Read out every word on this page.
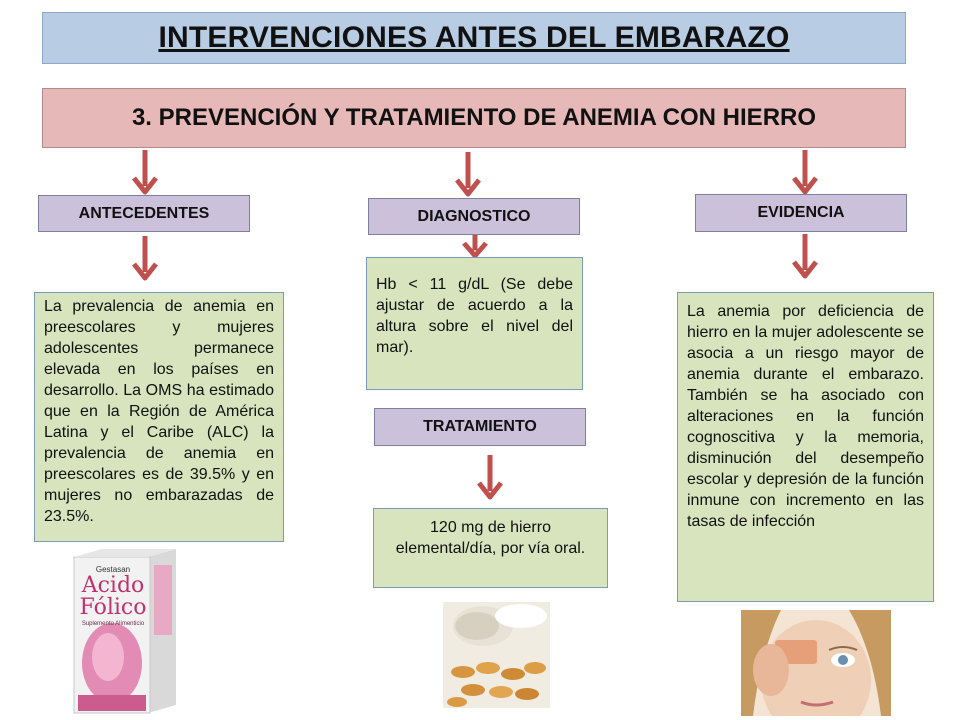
INTERVENCIONES ANTES DEL EMBARAZO
3. PREVENCIÓN Y TRATAMIENTO DE ANEMIA CON HIERRO
ANTECEDENTES	DIAGNOSTICO	EVIDENCIA
TRATAMIENTO
La prevalencia de anemia en preescolares y mujeres adolescentes permanece elevada en los países en desarrollo. La OMS ha estimado que en la Región de América Latina y el Caribe (ALC) la prevalencia de anemia en preescolares es de 39.5% y en mujeres no embarazadas de 23.5%.
Hb < 11 g/dL (Se debe ajustar de acuerdo a la altura sobre el nivel del mar).
120 mg de hierro elemental/día, por vía oral.
La anemia por deficiencia de hierro en la mujer adolescente se asocia a un riesgo mayor de anemia durante el embarazo. También se ha asociado con alteraciones en la función cognoscitiva y la memoria, disminución del desempeño escolar y depresión de la función inmune con incremento en las tasas de infección
Gestasan
Acido
Fólico
Suplemento Alimenticio
